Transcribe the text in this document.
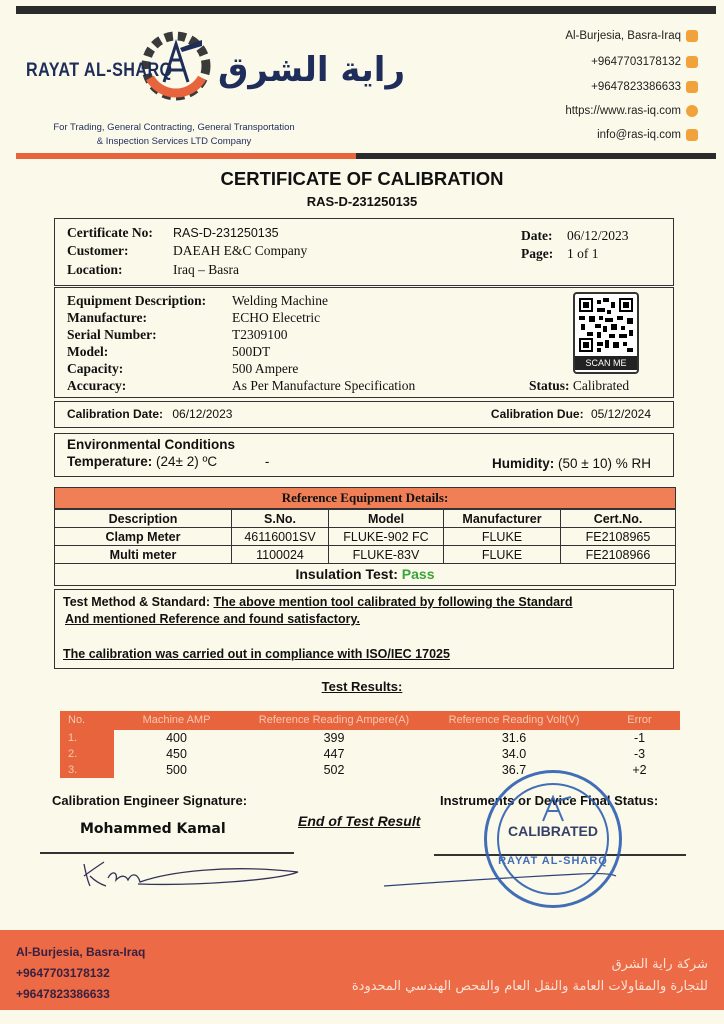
RAYAT AL-SHARQ راية الشرق
For Trading, General Contracting, General Transportation
& Inspection Services LTD Company
Al-Burjesia, Basra-Iraq
+9647703178132
+9647823386633
https://www.ras-iq.com
info@ras-iq.com
CERTIFICATE OF CALIBRATION
RAS-D-231250135
Certificate No: RAS-D-231250135
Customer:	DAEAH E&C Company
Location:	Iraq – Basra
Date: 06/12/2023
Page: 1 of 1
Equipment Description: Welding Machine
Manufacture:	ECHO Elecetric
Serial Number:	T2309100
Model:	500DT
Capacity:	500 Ampere
Accuracy:	As Per Manufacture Specification
SCAN ME
Status: Calibrated
Calibration Date: 06/12/2023	Calibration Due: 05/12/2024
Environmental Conditions
Temperature: (24± 2) ºC	-	Humidity: (50 ± 10) % RH
Reference Equipment Details:
Description	S.No.	Model	Manufacturer	Cert.No.
Clamp Meter	46116001SV	FLUKE-902 FC	FLUKE	FE2108965
Multi meter	1100024	FLUKE-83V	FLUKE	FE2108966
Insulation Test: Pass
Test Method & Standard: The above mention tool calibrated by following the Standard
And mentioned Reference and found satisfactory.
The calibration was carried out in compliance with ISO/IEC 17025
Test Results:
No.	Machine AMP	Reference Reading Ampere(A)	Reference Reading Volt(V)	Error
1.	400	399	31.6	-1
2.	450	447	34.0	-3
3.	500	502	36.7	+2
Calibration Engineer Signature:
Mohammed Kamal	End of Test Result
Instruments or Device Final Status:
RAYAT AL-SHARQ
CALIBRATED
Al-Burjesia, Basra-Iraq
+9647703178132
+9647823386633
شركة راية الشرق
للتجارة والمقاولات العامة والنقل العام والفحص الهندسي المحدودة
